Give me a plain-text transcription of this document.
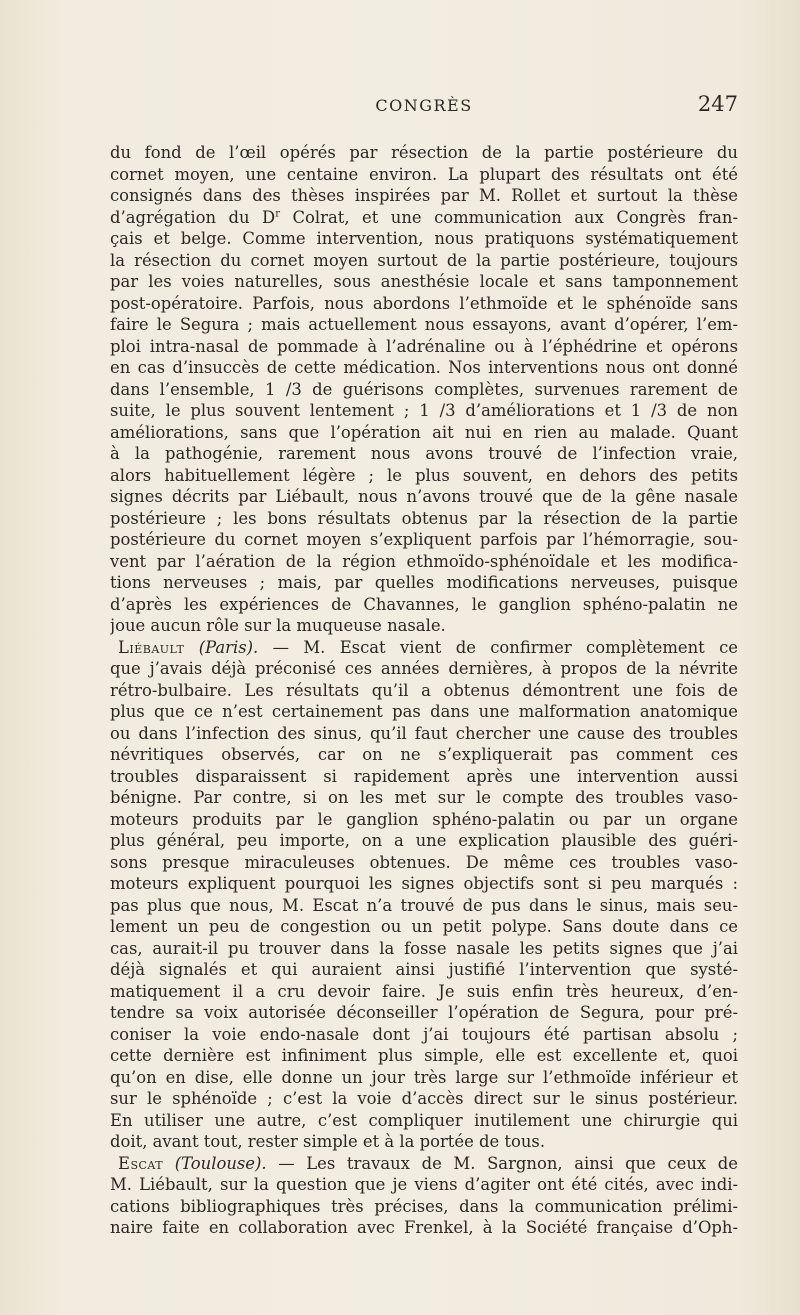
CONGRÈS	247
du fond de l’œil opérés par résection de la partie postérieure du
cornet moyen, une centaine environ. La plupart des résultats ont été
consignés dans des thèses inspirées par M. Rollet et surtout la thèse
d’agrégation du $D^r$ Colrat, et une communication aux Congrès fran-
çais et belge. Comme intervention, nous pratiquons systématiquement
la résection du cornet moyen surtout de la partie postérieure, toujours
par les voies naturelles, sous anesthésie locale et sans tamponnement
post-opératoire. Parfois, nous abordons l’ethmoïde et le sphénoïde sans
faire le Segura ; mais actuellement nous essayons, avant d’opérer, l’em-
ploi intra-nasal de pommade à l’adrénaline ou à l’éphédrine et opérons
en cas d’insuccès de cette médication. Nos interventions nous ont donné
dans l’ensemble, 1 /3 de guérisons complètes, survenues rarement de
suite, le plus souvent lentement ; 1 /3 d’améliorations et 1 /3 de non
améliorations, sans que l’opération ait nui en rien au malade. Quant
à la pathogénie, rarement nous avons trouvé de l’infection vraie,
alors habituellement légère ; le plus souvent, en dehors des petits
signes décrits par Liébault, nous n’avons trouvé que de la gêne nasale
postérieure ; les bons résultats obtenus par la résection de la partie
postérieure du cornet moyen s’expliquent parfois par l’hémorragie, sou-
vent par l’aération de la région ethmoïdo-sphénoïdale et les modifica-
tions nerveuses ; mais, par quelles modifications nerveuses, puisque
d’après les expériences de Chavannes, le ganglion sphéno-palatin ne
joue aucun rôle sur la muqueuse nasale.
Liébault (Paris). — M. Escat vient de confirmer complètement ce
que j’avais déjà préconisé ces années dernières, à propos de la névrite
rétro-bulbaire. Les résultats qu’il a obtenus démontrent une fois de
plus que ce n’est certainement pas dans une malformation anatomique
ou dans l’infection des sinus, qu’il faut chercher une cause des troubles
névritiques observés, car on ne s’expliquerait pas comment ces
troubles disparaissent si rapidement après une intervention aussi
bénigne. Par contre, si on les met sur le compte des troubles vaso-
moteurs produits par le ganglion sphéno-palatin ou par un organe
plus général, peu importe, on a une explication plausible des guéri-
sons presque miraculeuses obtenues. De même ces troubles vaso-
moteurs expliquent pourquoi les signes objectifs sont si peu marqués :
pas plus que nous, M. Escat n’a trouvé de pus dans le sinus, mais seu-
lement un peu de congestion ou un petit polype. Sans doute dans ce
cas, aurait-il pu trouver dans la fosse nasale les petits signes que j’ai
déjà signalés et qui auraient ainsi justifié l’intervention que systé-
matiquement il a cru devoir faire. Je suis enfin très heureux, d’en-
tendre sa voix autorisée déconseiller l’opération de Segura, pour pré-
coniser la voie endo-nasale dont j’ai toujours été partisan absolu ;
cette dernière est infiniment plus simple, elle est excellente et, quoi
qu’on en dise, elle donne un jour très large sur l’ethmoïde inférieur et
sur le sphénoïde ; c’est la voie d’accès direct sur le sinus postérieur.
En utiliser une autre, c’est compliquer inutilement une chirurgie qui
doit, avant tout, rester simple et à la portée de tous.
Escat (Toulouse). — Les travaux de M. Sargnon, ainsi que ceux de
M. Liébault, sur la question que je viens d’agiter ont été cités, avec indi-
cations bibliographiques très précises, dans la communication prélimi-
naire faite en collaboration avec Frenkel, à la Société française d’Oph-
